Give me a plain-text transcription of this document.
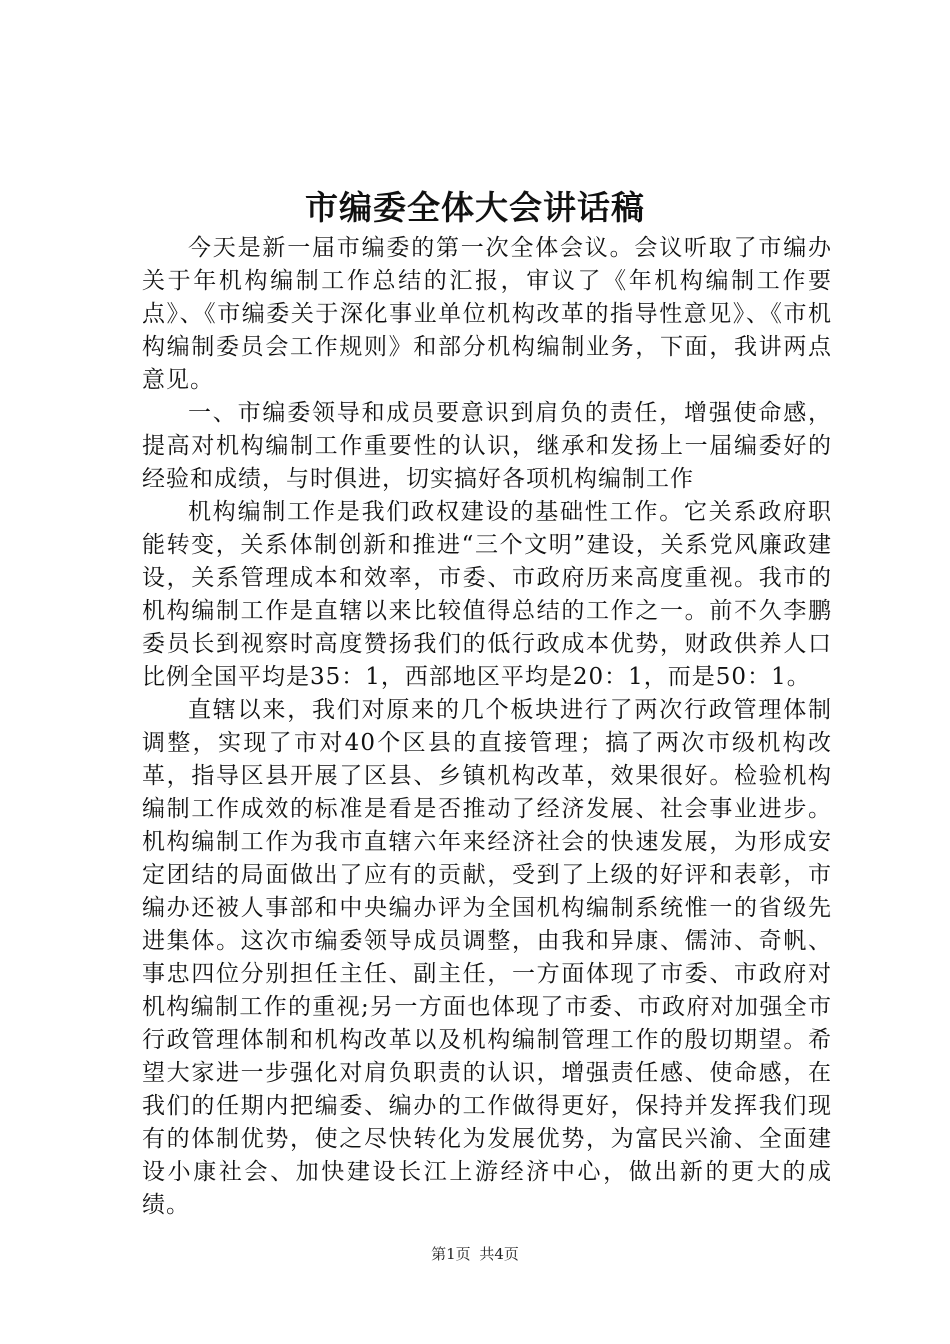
市编委全体大会讲话稿

今天是新一届市编委的第一次全体会议。会议听取了市编办关于年机构编制工作总结的汇报，审议了《年机构编制工作要点》、《市编委关于深化事业单位机构改革的指导性意见》、《市机构编制委员会工作规则》和部分机构编制业务，下面，我讲两点意见。

一、市编委领导和成员要意识到肩负的责任，增强使命感，提高对机构编制工作重要性的认识，继承和发扬上一届编委好的经验和成绩，与时俱进，切实搞好各项机构编制工作

机构编制工作是我们政权建设的基础性工作。它关系政府职能转变，关系体制创新和推进“三个文明”建设，关系党风廉政建设，关系管理成本和效率，市委、市政府历来高度重视。我市的机构编制工作是直辖以来比较值得总结的工作之一。前不久李鹏委员长到视察时高度赞扬我们的低行政成本优势，财政供养人口比例全国平均是35：1，西部地区平均是20：1，而是50：1。

直辖以来，我们对原来的几个板块进行了两次行政管理体制调整，实现了市对40个区县的直接管理；搞了两次市级机构改革，指导区县开展了区县、乡镇机构改革，效果很好。检验机构编制工作成效的标准是看是否推动了经济发展、社会事业进步。机构编制工作为我市直辖六年来经济社会的快速发展，为形成安定团结的局面做出了应有的贡献，受到了上级的好评和表彰，市编办还被人事部和中央编办评为全国机构编制系统惟一的省级先进集体。这次市编委领导成员调整，由我和异康、儒沛、奇帆、事忠四位分别担任主任、副主任，一方面体现了市委、市政府对机构编制工作的重视;另一方面也体现了市委、市政府对加强全市行政管理体制和机构改革以及机构编制管理工作的殷切期望。希望大家进一步强化对肩负职责的认识，增强责任感、使命感，在我们的任期内把编委、编办的工作做得更好，保持并发挥我们现有的体制优势，使之尽快转化为发展优势，为富民兴渝、全面建设小康社会、加快建设长江上游经济中心，做出新的更大的成绩。

第1页 共4页
